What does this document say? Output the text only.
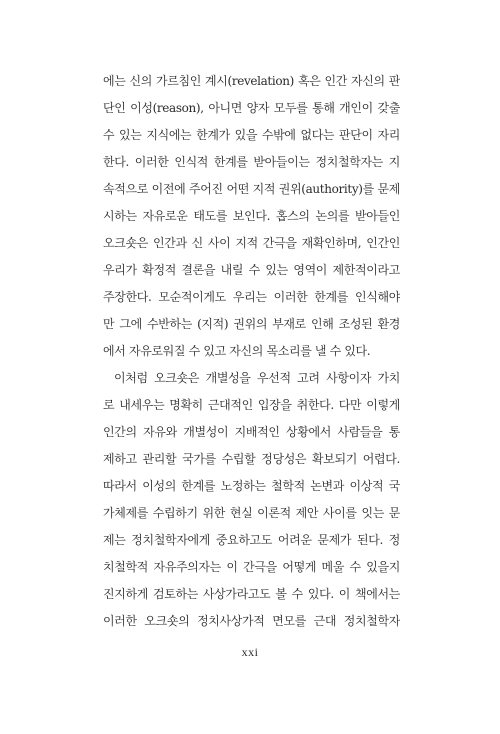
에는 신의 가르침인 계시(revelation) 혹은 인간 자신의 판
단인 이성(reason), 아니면 양자 모두를 통해 개인이 갖출
수 있는 지식에는 한계가 있을 수밖에 없다는 판단이 자리
한다. 이러한 인식적 한계를 받아들이는 정치철학자는 지
속적으로 이전에 주어진 어떤 지적 권위(authority)를 문제
시하는 자유로운 태도를 보인다. 홉스의 논의를 받아들인
오크숏은 인간과 신 사이 지적 간극을 재확인하며, 인간인
우리가 확정적 결론을 내릴 수 있는 영역이 제한적이라고
주장한다. 모순적이게도 우리는 이러한 한계를 인식해야
만 그에 수반하는 (지적) 권위의 부재로 인해 조성된 환경
에서 자유로워질 수 있고 자신의 목소리를 낼 수 있다.
이처럼 오크숏은 개별성을 우선적 고려 사항이자 가치
로 내세우는 명확히 근대적인 입장을 취한다. 다만 이렇게
인간의 자유와 개별성이 지배적인 상황에서 사람들을 통
제하고 관리할 국가를 수립할 정당성은 확보되기 어렵다.
따라서 이성의 한계를 노정하는 철학적 논변과 이상적 국
가체제를 수립하기 위한 현실 이론적 제안 사이를 잇는 문
제는 정치철학자에게 중요하고도 어려운 문제가 된다. 정
치철학적 자유주의자는 이 간극을 어떻게 메울 수 있을지
진지하게 검토하는 사상가라고도 볼 수 있다. 이 책에서는
이러한 오크숏의 정치사상가적 면모를 근대 정치철학자
xxi
